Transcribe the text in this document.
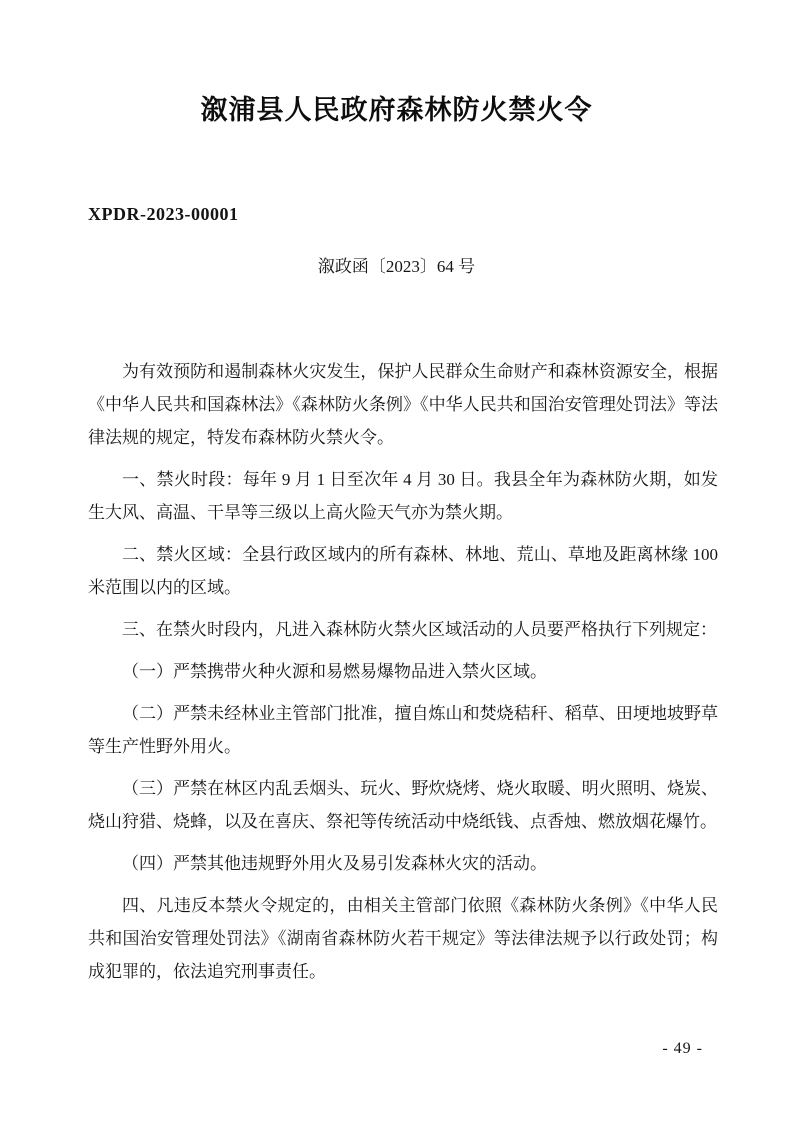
溆浦县人民政府森林防火禁火令
XPDR-2023-00001
溆政函〔2023〕64 号

为有效预防和遏制森林火灾发生，保护人民群众生命财产和森林资源安全，根据《中华人民共和国森林法》《森林防火条例》《中华人民共和国治安管理处罚法》等法律法规的规定，特发布森林防火禁火令。

一、禁火时段：每年 9 月 1 日至次年 4 月 30 日。我县全年为森林防火期，如发生大风、高温、干旱等三级以上高火险天气亦为禁火期。

二、禁火区域：全县行政区域内的所有森林、林地、荒山、草地及距离林缘 100 米范围以内的区域。

三、在禁火时段内，凡进入森林防火禁火区域活动的人员要严格执行下列规定：

（一）严禁携带火种火源和易燃易爆物品进入禁火区域。

（二）严禁未经林业主管部门批准，擅自炼山和焚烧秸秆、稻草、田埂地坡野草等生产性野外用火。

（三）严禁在林区内乱丢烟头、玩火、野炊烧烤、烧火取暖、明火照明、烧炭、烧山狩猎、烧蜂，以及在喜庆、祭祀等传统活动中烧纸钱、点香烛、燃放烟花爆竹。

（四）严禁其他违规野外用火及易引发森林火灾的活动。

四、凡违反本禁火令规定的，由相关主管部门依照《森林防火条例》《中华人民共和国治安管理处罚法》《湖南省森林防火若干规定》等法律法规予以行政处罚；构成犯罪的，依法追究刑事责任。

- 49 -
